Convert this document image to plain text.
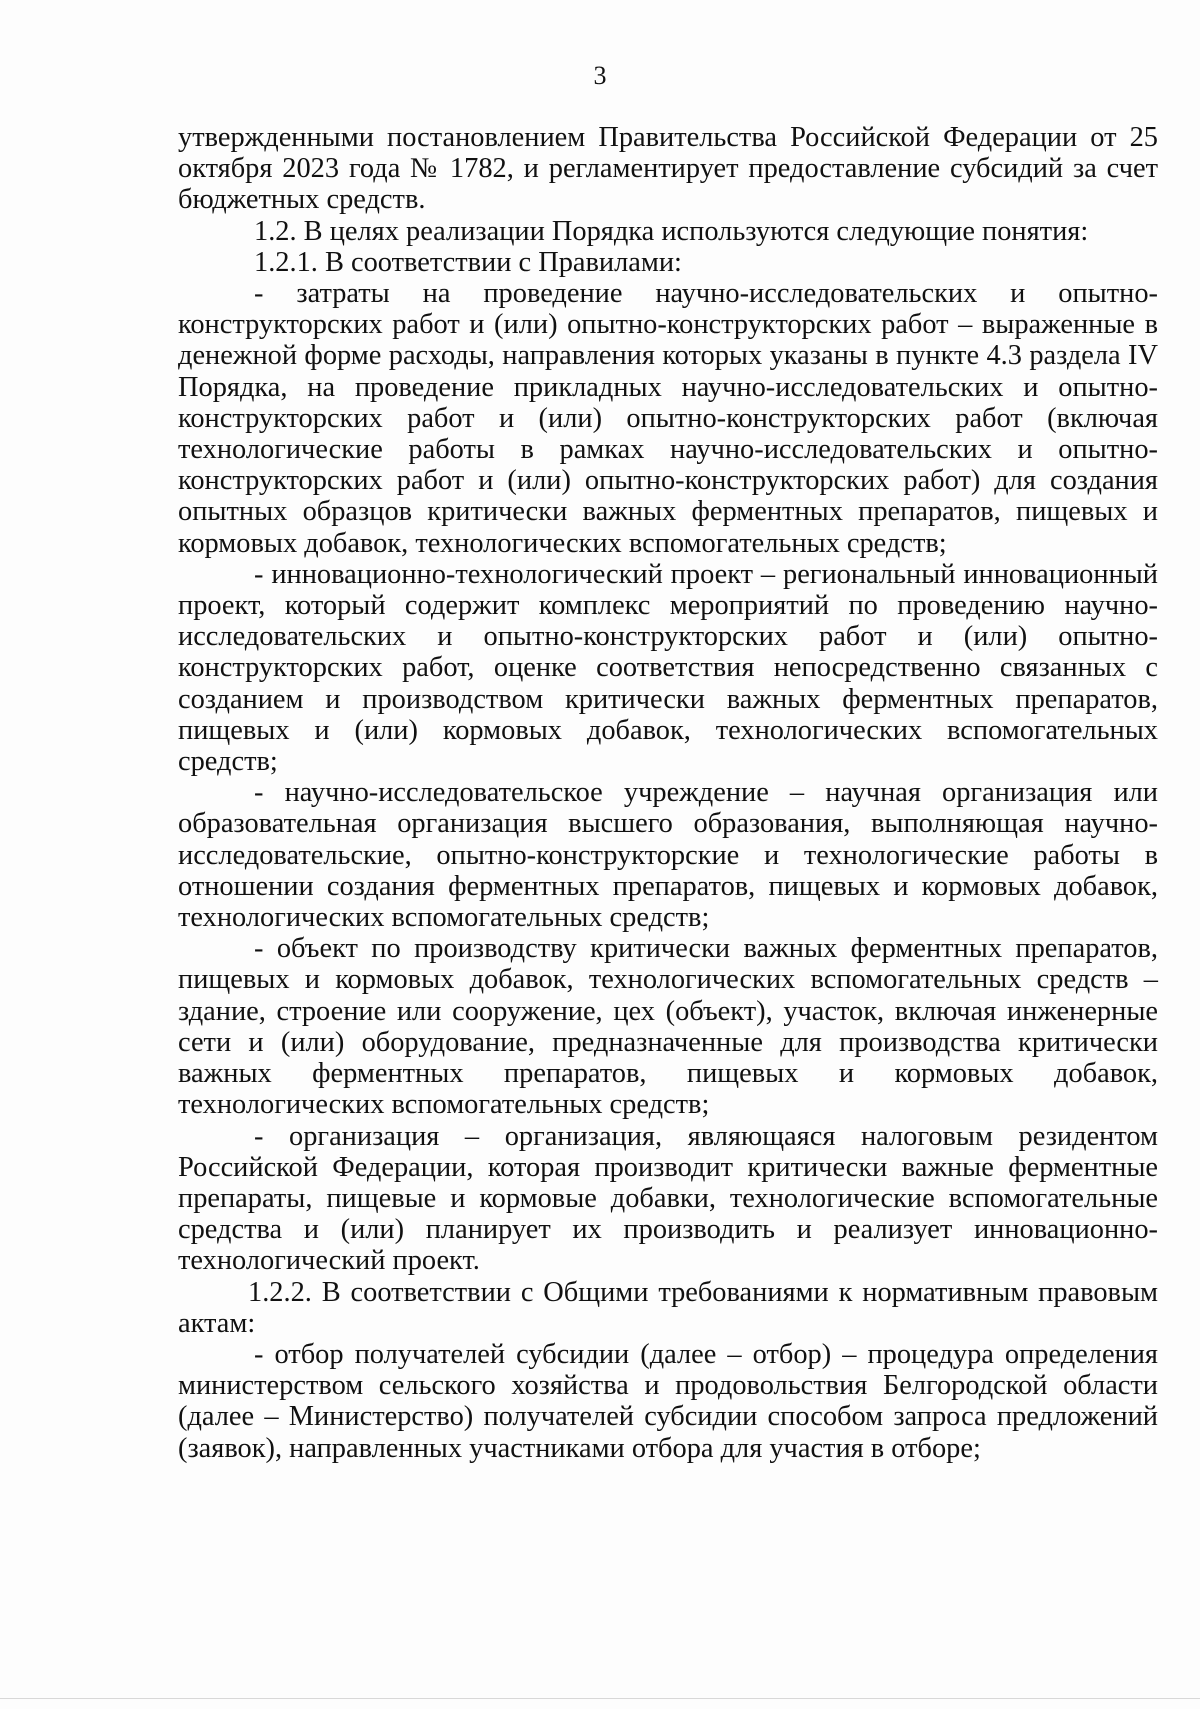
3

утвержденными постановлением Правительства Российской Федерации от 25 октября 2023 года № 1782, и регламентирует предоставление субсидий за счет бюджетных средств.

1.2. В целях реализации Порядка используются следующие понятия:

1.2.1. В соответствии с Правилами:

- затраты на проведение научно-исследовательских и опытно-конструкторских работ и (или) опытно-конструкторских работ – выраженные в денежной форме расходы, направления которых указаны в пункте 4.3 раздела IV Порядка, на проведение прикладных научно-исследовательских и опытно-конструкторских работ и (или) опытно-конструкторских работ (включая технологические работы в рамках научно-исследовательских и опытно-конструкторских работ и (или) опытно-конструкторских работ) для создания опытных образцов критически важных ферментных препаратов, пищевых и кормовых добавок, технологических вспомогательных средств;

- инновационно-технологический проект – региональный инновационный проект, который содержит комплекс мероприятий по проведению научно-исследовательских и опытно-конструкторских работ и (или) опытно-конструкторских работ, оценке соответствия непосредственно связанных с созданием и производством критически важных ферментных препаратов, пищевых и (или) кормовых добавок, технологических вспомогательных средств;

- научно-исследовательское учреждение – научная организация или образовательная организация высшего образования, выполняющая научно-исследовательские, опытно-конструкторские и технологические работы в отношении создания ферментных препаратов, пищевых и кормовых добавок, технологических вспомогательных средств;

- объект по производству критически важных ферментных препаратов, пищевых и кормовых добавок, технологических вспомогательных средств – здание, строение или сооружение, цех (объект), участок, включая инженерные сети и (или) оборудование, предназначенные для производства критически важных ферментных препаратов, пищевых и кормовых добавок, технологических вспомогательных средств;

- организация – организация, являющаяся налоговым резидентом Российской Федерации, которая производит критически важные ферментные препараты, пищевые и кормовые добавки, технологические вспомогательные средства и (или) планирует их производить и реализует инновационно-технологический проект.

1.2.2. В соответствии с Общими требованиями к нормативным правовым актам:

- отбор получателей субсидии (далее – отбор) – процедура определения министерством сельского хозяйства и продовольствия Белгородской области (далее – Министерство) получателей субсидии способом запроса предложений (заявок), направленных участниками отбора для участия в отборе;
